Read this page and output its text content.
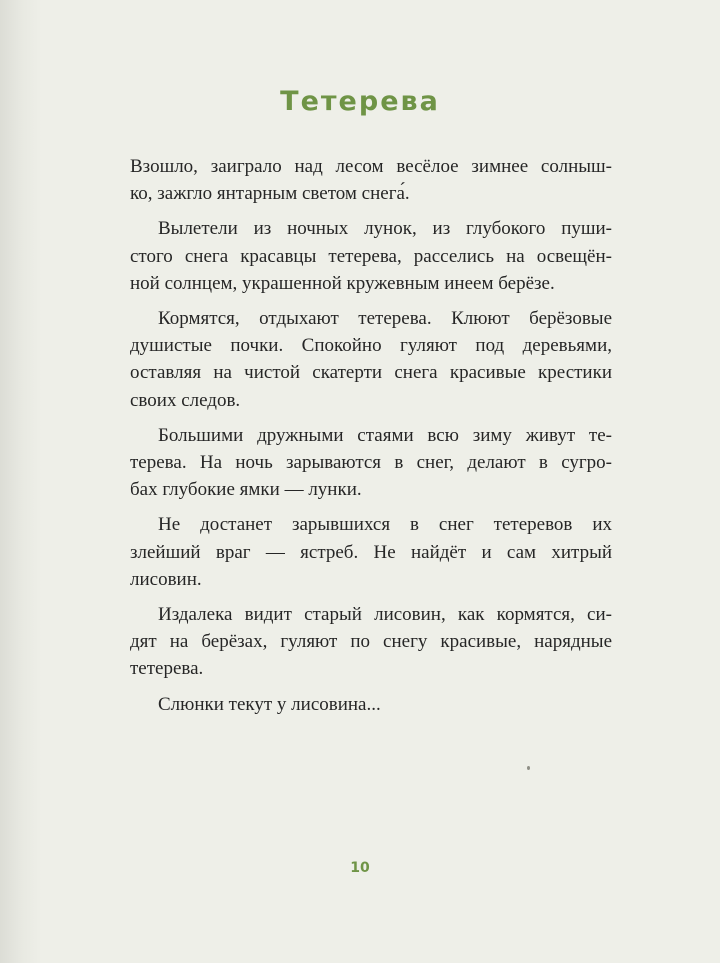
Тетерева

Взошло, заиграло над лесом весёлое зимнее солныш-
ко, зажгло янтарным светом снега́.

Вылетели из ночных лунок, из глубокого пуши-
стого снега красавцы тетерева, расселись на освещён-
ной солнцем, украшенной кружевным инеем берёзе.

Кормятся, отдыхают тетерева. Клюют берёзовые
душистые почки. Спокойно гуляют под деревьями,
оставляя на чистой скатерти снега красивые крестики
своих следов.

Большими дружными стаями всю зиму живут те-
терева. На ночь зарываются в снег, делают в сугро-
бах глубокие ямки — лунки.

Не достанет зарывшихся в снег тетеревов их
злейший враг — ястреб. Не найдёт и сам хитрый
лисовин.

Издалека видит старый лисовин, как кормятся, си-
дят на берёзах, гуляют по снегу красивые, нарядные
тетерева.

Слюнки текут у лисовина...

10
